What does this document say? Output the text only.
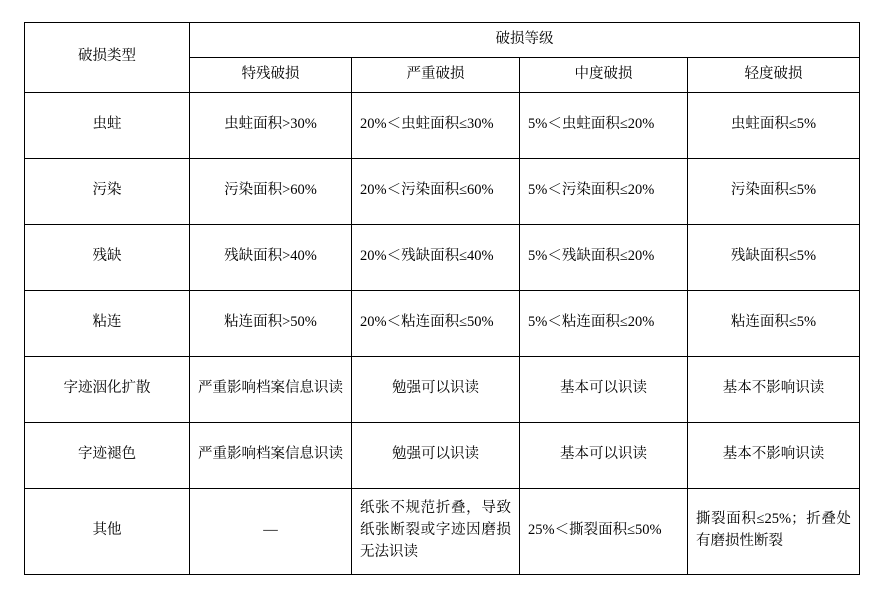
破损类型	破损等级			
	特残破损	严重破损	中度破损	轻度破损
虫蛀	虫蛀面积>30%	20%＜虫蛀面积≤30%	5%＜虫蛀面积≤20%	虫蛀面积≤5%
污染	污染面积>60%	20%＜污染面积≤60%	5%＜污染面积≤20%	污染面积≤5%
残缺	残缺面积>40%	20%＜残缺面积≤40%	5%＜残缺面积≤20%	残缺面积≤5%
粘连	粘连面积>50%	20%＜粘连面积≤50%	5%＜粘连面积≤20%	粘连面积≤5%
字迹洇化扩散	严重影响档案信息识读	勉强可以识读	基本可以识读	基本不影响识读
字迹褪色	严重影响档案信息识读	勉强可以识读	基本可以识读	基本不影响识读
其他	—	纸张不规范折叠，导致纸张断裂或字迹因磨损无法识读	25%＜撕裂面积≤50%	撕裂面积≤25%；折叠处有磨损性断裂
